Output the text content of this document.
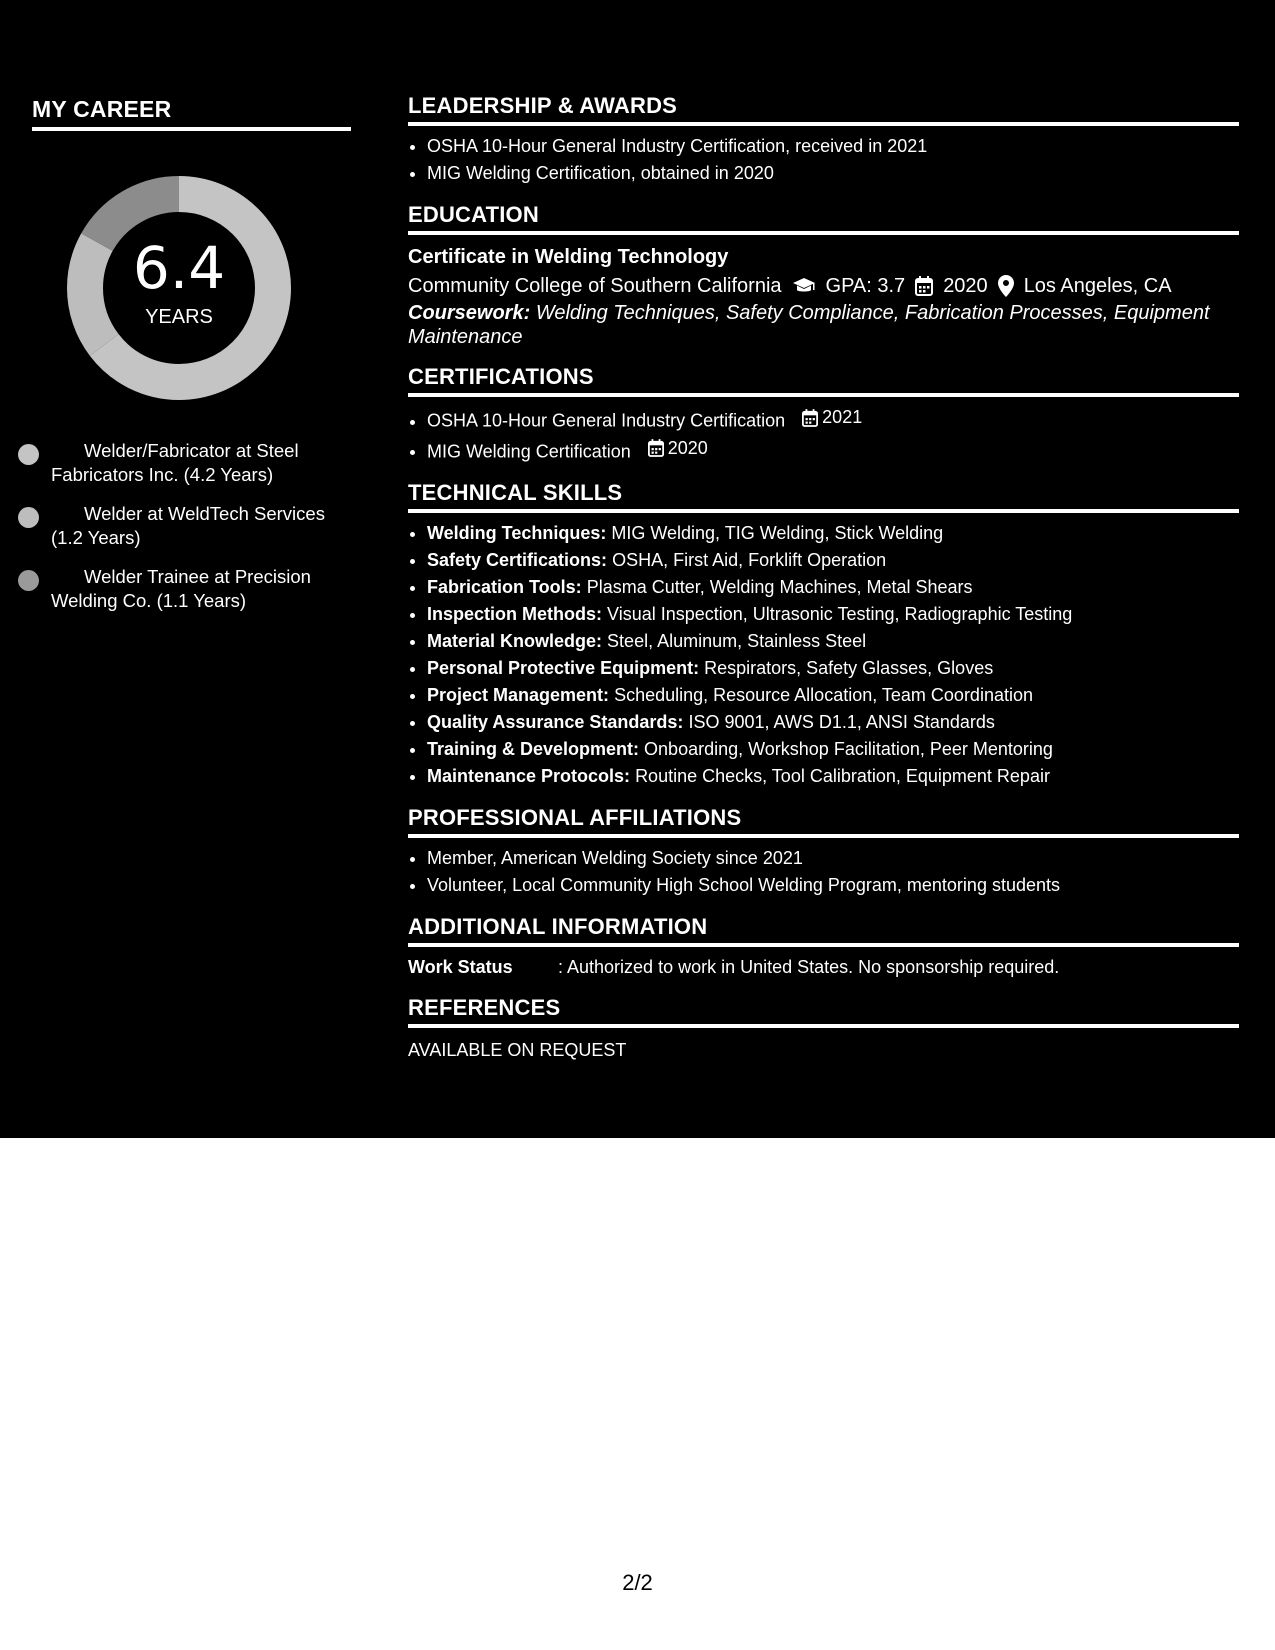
MY CAREER
6.4
YEARS
Welder/Fabricator at Steel Fabricators Inc. (4.2 Years)
Welder at WeldTech Services (1.2 Years)
Welder Trainee at Precision Welding Co. (1.1 Years)
LEADERSHIP & AWARDS
• OSHA 10-Hour General Industry Certification, received in 2021
• MIG Welding Certification, obtained in 2020
EDUCATION
Certificate in Welding Technology
Community College of Southern California GPA: 3.7 2020 Los Angeles, CA
Coursework: Welding Techniques, Safety Compliance, Fabrication Processes, Equipment Maintenance
CERTIFICATIONS
• OSHA 10-Hour General Industry Certification 2021
• MIG Welding Certification 2020
TECHNICAL SKILLS
• Welding Techniques: MIG Welding, TIG Welding, Stick Welding
• Safety Certifications: OSHA, First Aid, Forklift Operation
• Fabrication Tools: Plasma Cutter, Welding Machines, Metal Shears
• Inspection Methods: Visual Inspection, Ultrasonic Testing, Radiographic Testing
• Material Knowledge: Steel, Aluminum, Stainless Steel
• Personal Protective Equipment: Respirators, Safety Glasses, Gloves
• Project Management: Scheduling, Resource Allocation, Team Coordination
• Quality Assurance Standards: ISO 9001, AWS D1.1, ANSI Standards
• Training & Development: Onboarding, Workshop Facilitation, Peer Mentoring
• Maintenance Protocols: Routine Checks, Tool Calibration, Equipment Repair
PROFESSIONAL AFFILIATIONS
• Member, American Welding Society since 2021
• Volunteer, Local Community High School Welding Program, mentoring students
ADDITIONAL INFORMATION
Work Status	: Authorized to work in United States. No sponsorship required.
REFERENCES
AVAILABLE ON REQUEST
2/2
